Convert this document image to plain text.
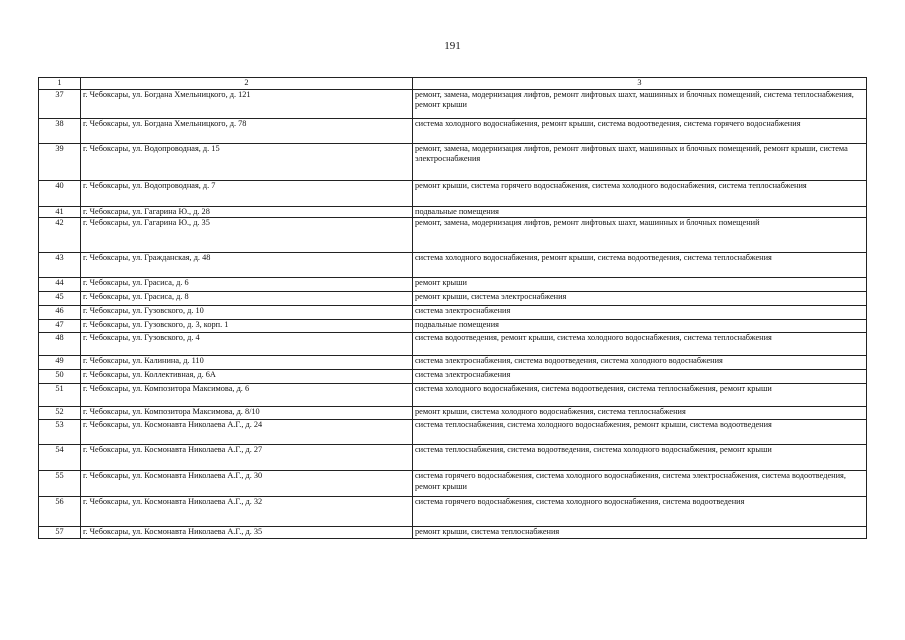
191
1	2	3
37	г. Чебоксары, ул. Богдана Хмельницкого, д. 121	ремонт, замена, модернизация лифтов, ремонт лифтовых шахт, машинных и блочных помещений, система теплоснабжения, ремонт крыши
38	г. Чебоксары, ул. Богдана Хмельницкого, д. 78	система холодного водоснабжения, ремонт крыши, система водоотведения, система горячего водоснабжения
39	г. Чебоксары, ул. Водопроводная, д. 15	ремонт, замена, модернизация лифтов, ремонт лифтовых шахт, машинных и блочных помещений, ремонт крыши, система электроснабжения
40	г. Чебоксары, ул. Водопроводная, д. 7	ремонт крыши, система горячего водоснабжения, система холодного водоснабжения, система теплоснабжения
41	г. Чебоксары, ул. Гагарина Ю., д. 28	подвальные помещения
42	г. Чебоксары, ул. Гагарина Ю., д. 35	ремонт, замена, модернизация лифтов, ремонт лифтовых шахт, машинных и блочных помещений
43	г. Чебоксары, ул. Гражданская, д. 48	система холодного водоснабжения, ремонт крыши, система водоотведения, система теплоснабжения
44	г. Чебоксары, ул. Грасиса, д. 6	ремонт крыши
45	г. Чебоксары, ул. Грасиса, д. 8	ремонт крыши, система электроснабжения
46	г. Чебоксары, ул. Гузовского, д. 10	система электроснабжения
47	г. Чебоксары, ул. Гузовского, д. 3, корп. 1	подвальные помещения
48	г. Чебоксары, ул. Гузовского, д. 4	система водоотведения, ремонт крыши, система холодного водоснабжения, система теплоснабжения
49	г. Чебоксары, ул. Калинина, д. 110	система электроснабжения, система водоотведения, система холодного водоснабжения
50	г. Чебоксары, ул. Коллективная, д. 6А	система электроснабжения
51	г. Чебоксары, ул. Композитора Максимова, д. 6	система холодного водоснабжения, система водоотведения, система теплоснабжения, ремонт крыши
52	г. Чебоксары, ул. Композитора Максимова, д. 8/10	ремонт крыши, система холодного водоснабжения, система теплоснабжения
53	г. Чебоксары, ул. Космонавта Николаева А.Г., д. 24	система теплоснабжения, система холодного водоснабжения, ремонт крыши, система водоотведения
54	г. Чебоксары, ул. Космонавта Николаева А.Г., д. 27	система теплоснабжения, система водоотведения, система холодного водоснабжения, ремонт крыши
55	г. Чебоксары, ул. Космонавта Николаева А.Г., д. 30	система горячего водоснабжения, система холодного водоснабжения, система электроснабжения, система водоотведения, ремонт крыши
56	г. Чебоксары, ул. Космонавта Николаева А.Г., д. 32	система горячего водоснабжения, система холодного водоснабжения, система водоотведения
57	г. Чебоксары, ул. Космонавта Николаева А.Г., д. 35	ремонт крыши, система теплоснабжения
